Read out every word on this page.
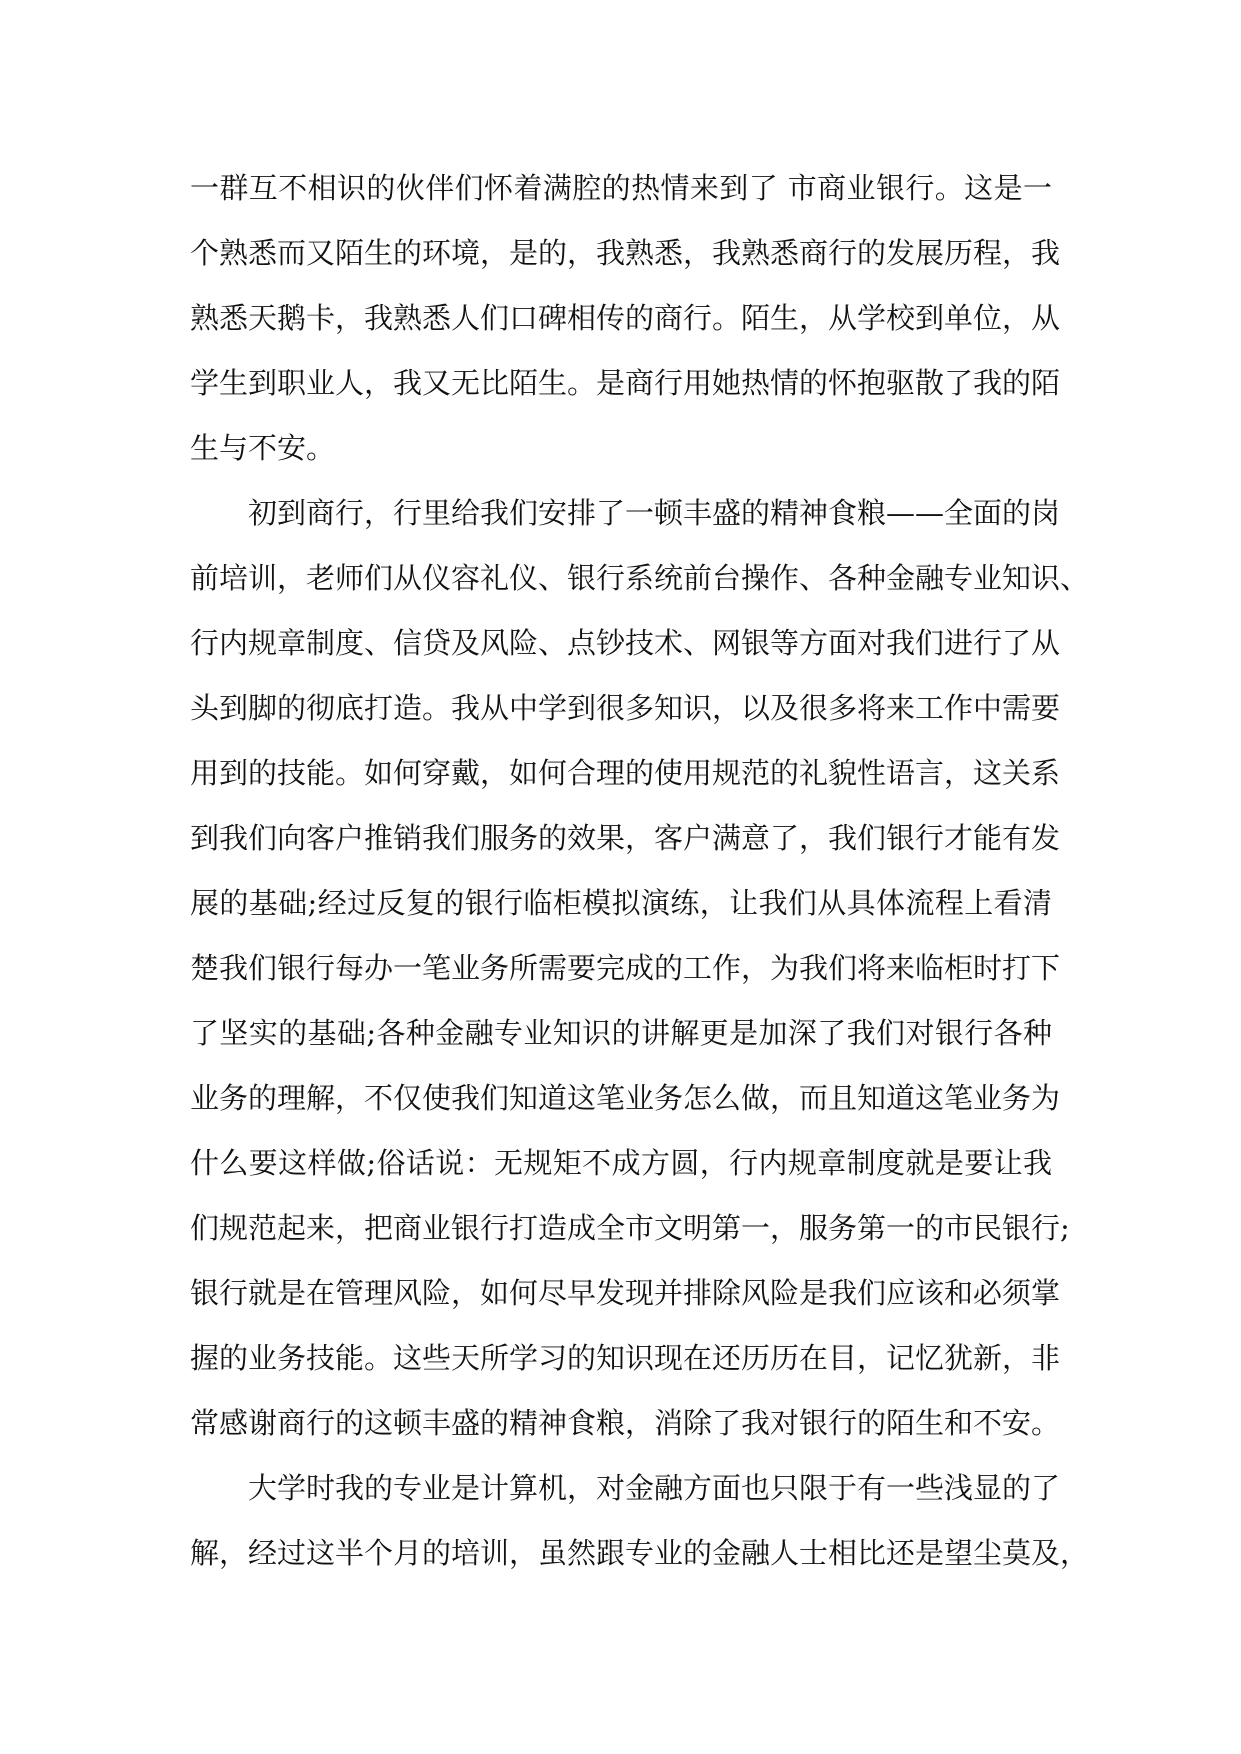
一群互不相识的伙伴们怀着满腔的热情来到了 市商业银行。这是一
个熟悉而又陌生的环境，是的，我熟悉，我熟悉商行的发展历程，我
熟悉天鹅卡，我熟悉人们口碑相传的商行。陌生，从学校到单位，从
学生到职业人，我又无比陌生。是商行用她热情的怀抱驱散了我的陌
生与不安。
初到商行，行里给我们安排了一顿丰盛的精神食粮——全面的岗
前培训，老师们从仪容礼仪、银行系统前台操作、各种金融专业知识、
行内规章制度、信贷及风险、点钞技术、网银等方面对我们进行了从
头到脚的彻底打造。我从中学到很多知识，以及很多将来工作中需要
用到的技能。如何穿戴，如何合理的使用规范的礼貌性语言，这关系
到我们向客户推销我们服务的效果，客户满意了，我们银行才能有发
展的基础;经过反复的银行临柜模拟演练，让我们从具体流程上看清
楚我们银行每办一笔业务所需要完成的工作，为我们将来临柜时打下
了坚实的基础;各种金融专业知识的讲解更是加深了我们对银行各种
业务的理解，不仅使我们知道这笔业务怎么做，而且知道这笔业务为
什么要这样做;俗话说：无规矩不成方圆，行内规章制度就是要让我
们规范起来，把商业银行打造成全市文明第一，服务第一的市民银行;
银行就是在管理风险，如何尽早发现并排除风险是我们应该和必须掌
握的业务技能。这些天所学习的知识现在还历历在目，记忆犹新，非
常感谢商行的这顿丰盛的精神食粮，消除了我对银行的陌生和不安。
大学时我的专业是计算机，对金融方面也只限于有一些浅显的了
解，经过这半个月的培训，虽然跟专业的金融人士相比还是望尘莫及，
